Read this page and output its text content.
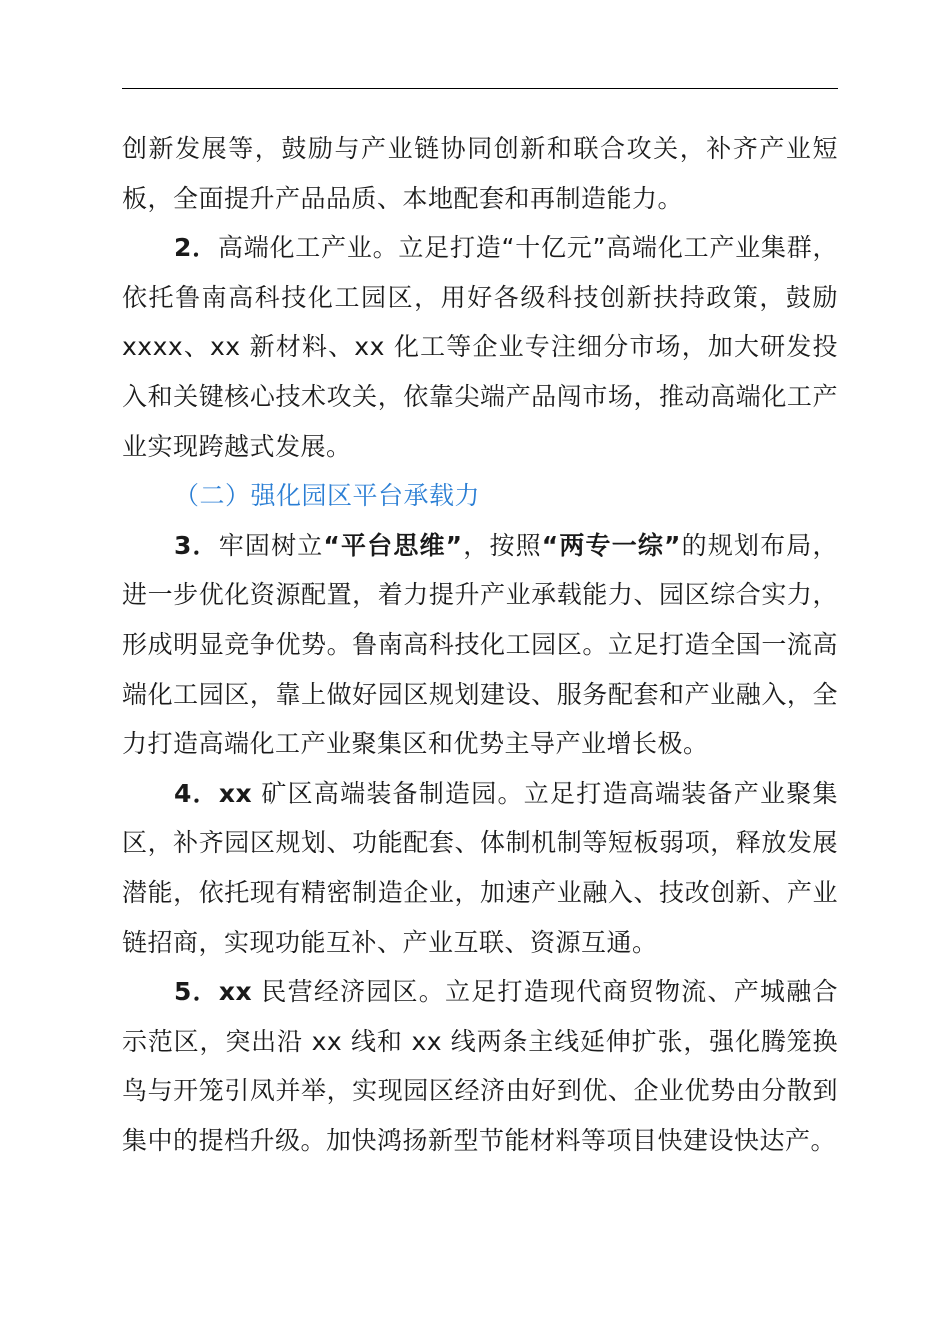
创新发展等，鼓励与产业链协同创新和联合攻关，补齐产业短板，全面提升产品品质、本地配套和再制造能力。

2．高端化工产业。立足打造“十亿元”高端化工产业集群，依托鲁南高科技化工园区，用好各级科技创新扶持政策，鼓励xxxx、xx 新材料、xx 化工等企业专注细分市场，加大研发投入和关键核心技术攻关，依靠尖端产品闯市场，推动高端化工产业实现跨越式发展。

（二）强化园区平台承载力

3．牢固树立“平台思维”，按照“两专一综”的规划布局，进一步优化资源配置，着力提升产业承载能力、园区综合实力，形成明显竞争优势。鲁南高科技化工园区。立足打造全国一流高端化工园区，靠上做好园区规划建设、服务配套和产业融入，全力打造高端化工产业聚集区和优势主导产业增长极。

4．xx 矿区高端装备制造园。立足打造高端装备产业聚集区，补齐园区规划、功能配套、体制机制等短板弱项，释放发展潜能，依托现有精密制造企业，加速产业融入、技改创新、产业链招商，实现功能互补、产业互联、资源互通。

5．xx 民营经济园区。立足打造现代商贸物流、产城融合示范区，突出沿 xx 线和 xx 线两条主线延伸扩张，强化腾笼换鸟与开笼引凤并举，实现园区经济由好到优、企业优势由分散到集中的提档升级。加快鸿扬新型节能材料等项目快建设快达产。
